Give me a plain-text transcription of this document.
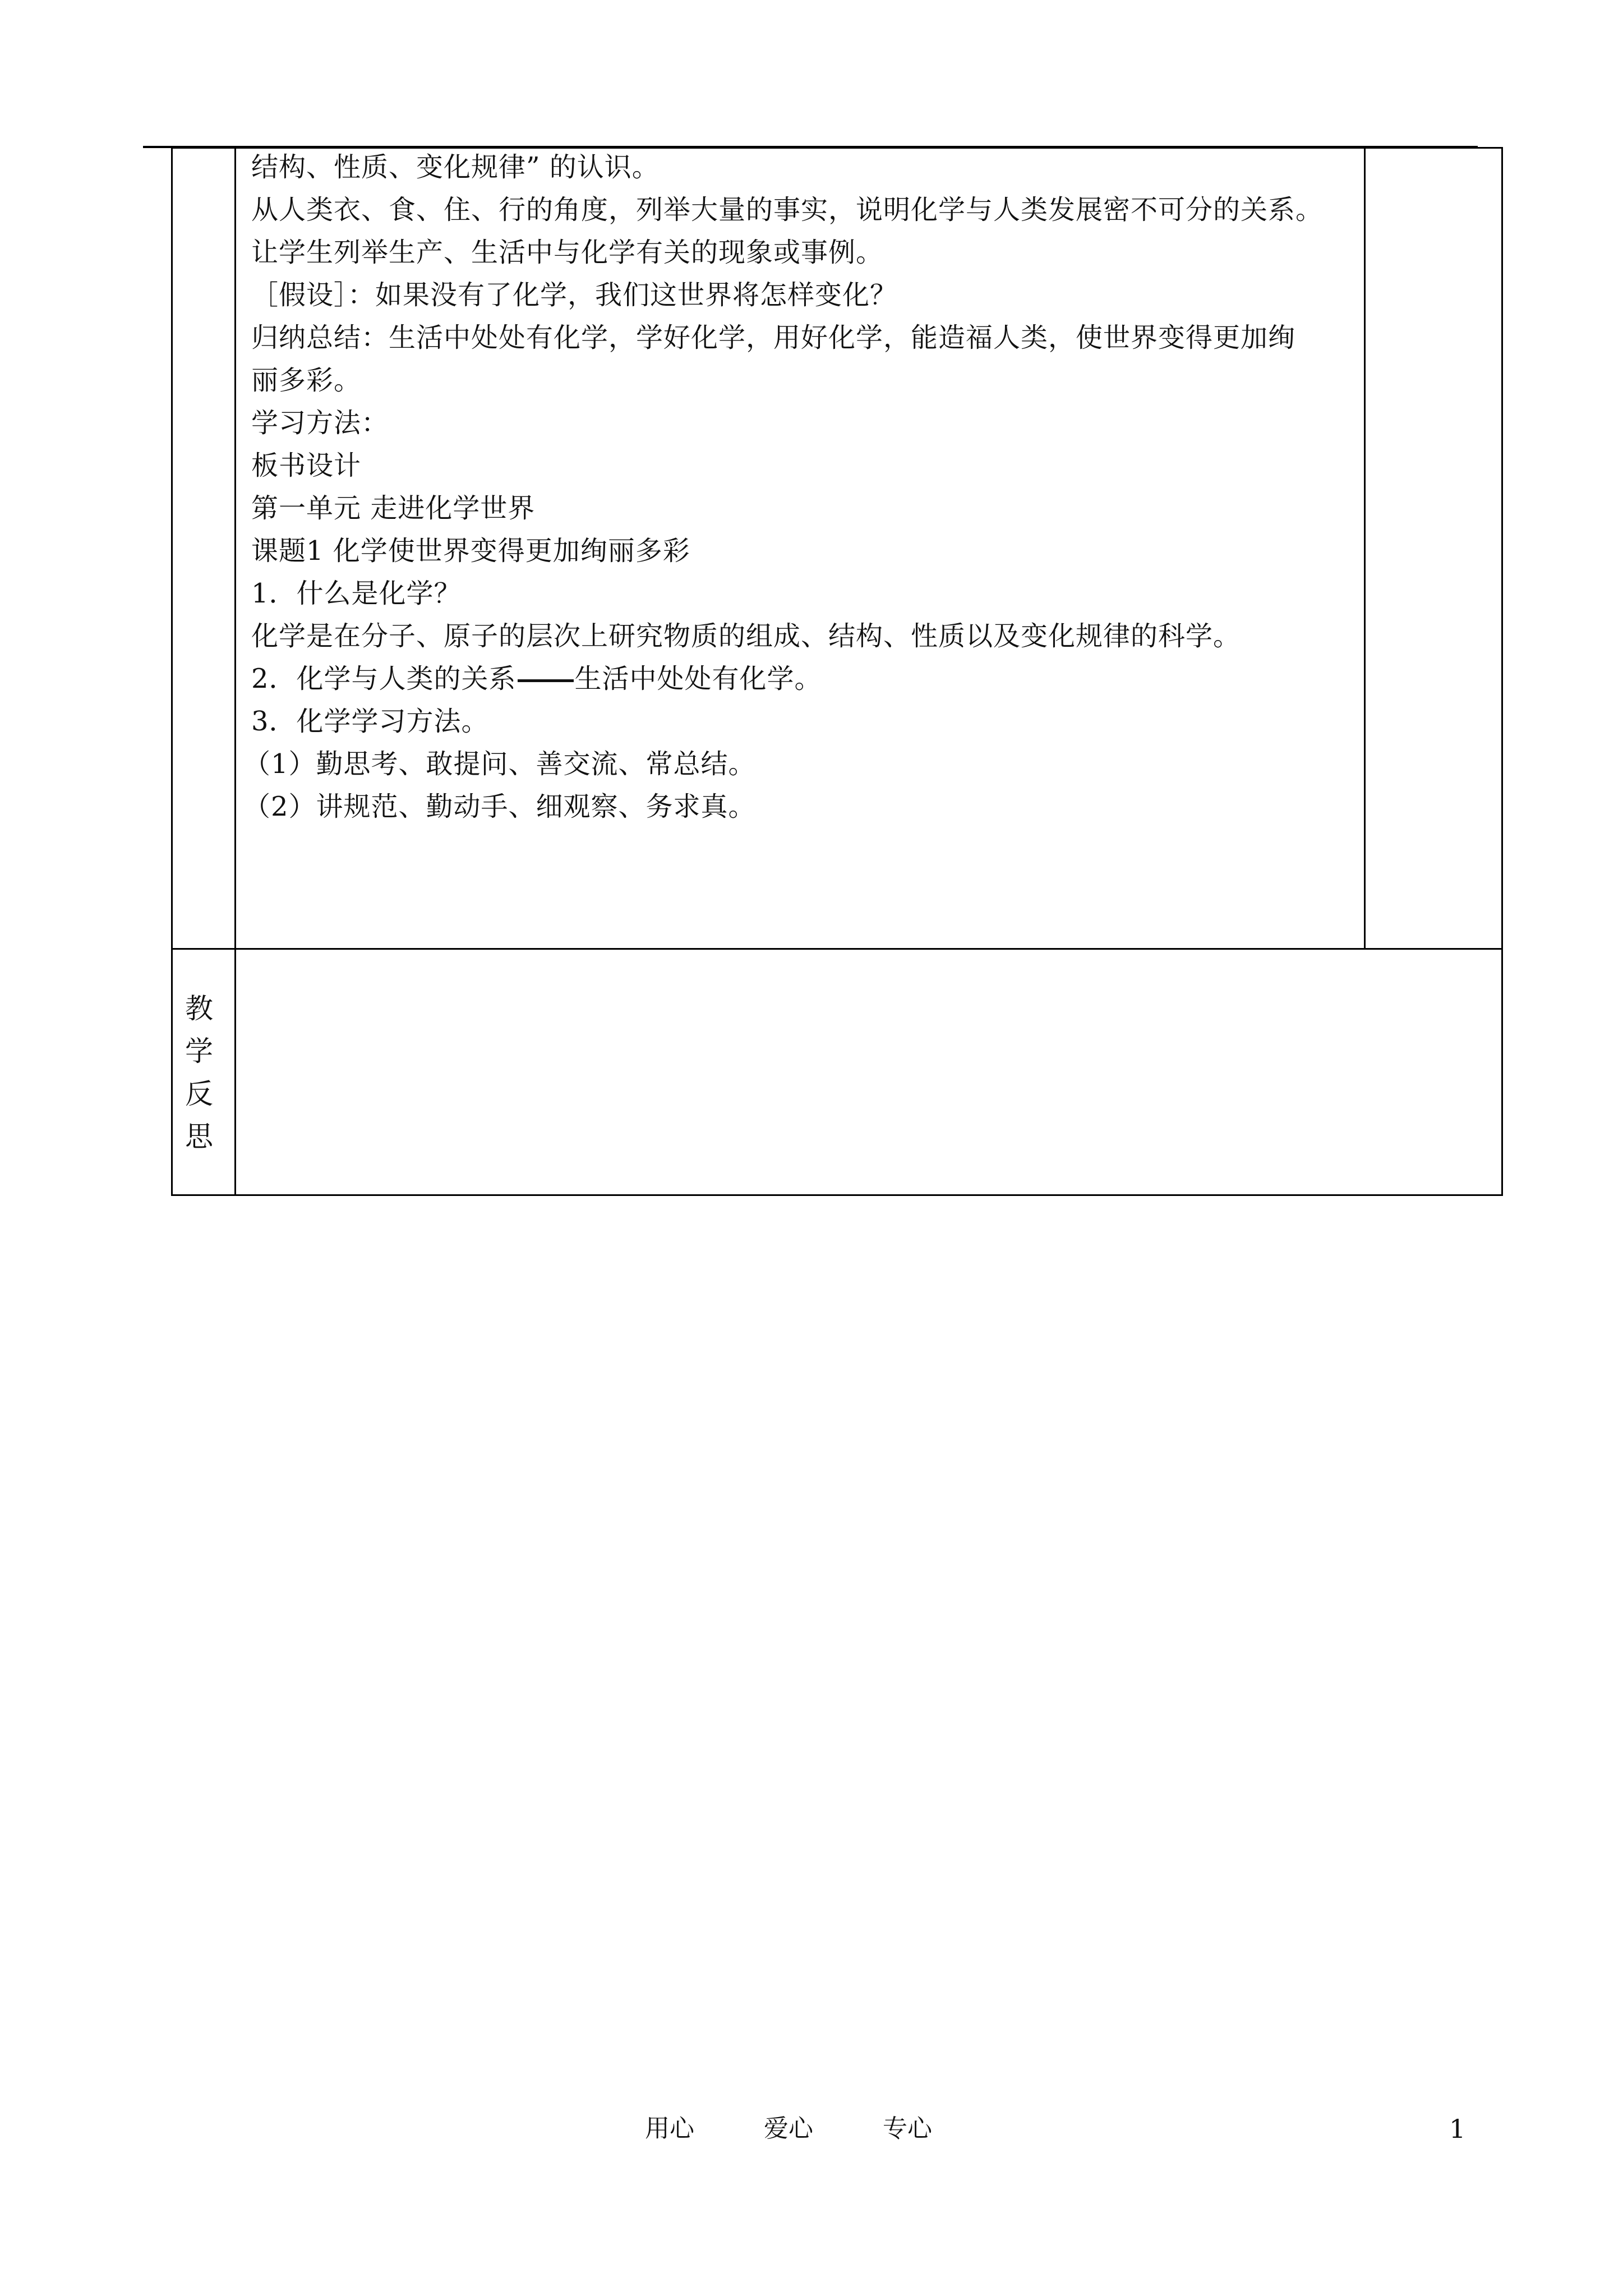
结构、性质、变化规律” 的认识。
从人类衣、食、住、行的角度，列举大量的事实，说明化学与人类发展密不可分的关系。
让学生列举生产、生活中与化学有关的现象或事例。
［假设］：如果没有了化学，我们这世界将怎样变化？
归纳总结：生活中处处有化学，学好化学，用好化学，能造福人类，使世界变得更加绚
丽多彩。
学习方法：
板书设计
第一单元 走进化学世界
课题1 化学使世界变得更加绚丽多彩
1．什么是化学？
化学是在分子、原子的层次上研究物质的组成、结构、性质以及变化规律的科学。
2．化学与人类的关系 生活中处处有化学。
3．化学学习方法。
（1）勤思考、敢提问、善交流、常总结。
（2）讲规范、勤动手、细观察、务求真。
教
学
反
思
用心	爱心	专心	1
